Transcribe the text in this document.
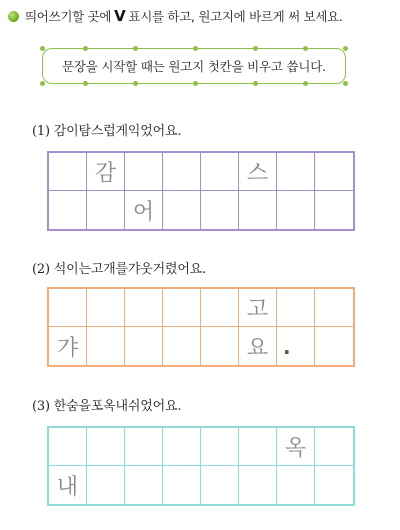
띄어쓰기할 곳에 V 표시를 하고, 원고지에 바르게 써 보세요.
문장을 시작할 때는 원고지 첫칸을 비우고 씁니다.
(1) 감이탐스럽게익었어요.
감	스
어
(2) 석이는고개를갸웃거렸어요.
고
갸	요 .
(3) 한숨을포옥내쉬었어요.
옥
내
